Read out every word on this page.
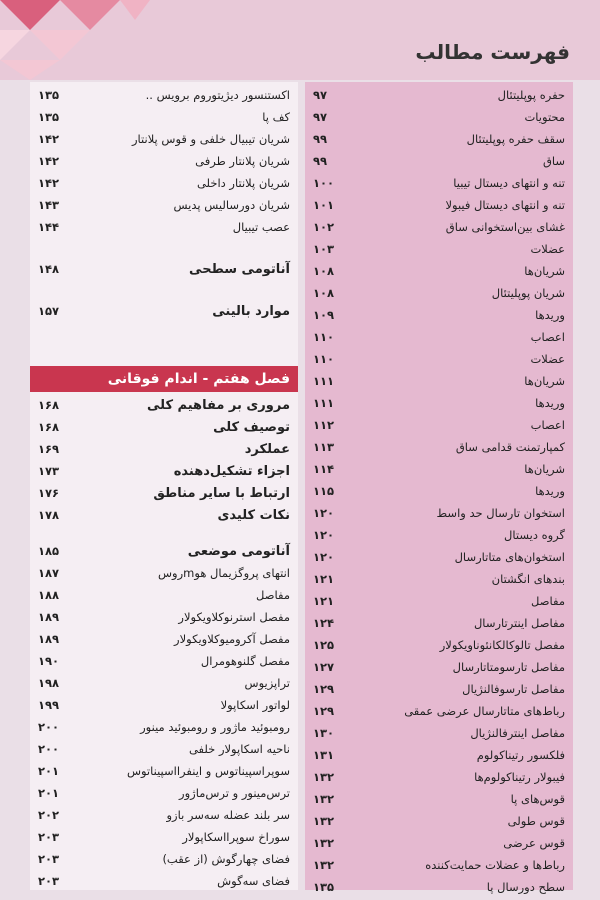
فهرست مطالب
حفره پوپلیتئال
۹۷
محتویات
۹۷
سقف حفره پوپلیتئال
۹۹
ساق
۹۹
تنه و انتهای دیستال تیبیا
۱۰۰
تنه و انتهای دیستال فیبولا
۱۰۱
غشای بین‌استخوانی ساق
۱۰۲
عضلات
۱۰۳
شریان‌ها
۱۰۸
شریان پوپلیتئال
۱۰۸
وریدها
۱۰۹
اعصاب
۱۱۰
عضلات
۱۱۰
شریان‌ها
۱۱۱
وریدها
۱۱۱
اعصاب
۱۱۲
کمپارتمنت قدامی ساق
۱۱۳
شریان‌ها
۱۱۴
وریدها
۱۱۵
استخوان تارسال حد واسط
۱۲۰
گروه دیستال
۱۲۰
استخوان‌های متاتارسال
۱۲۰
بندهای انگشتان
۱۲۱
مفاصل
۱۲۱
مفاصل اینترتارسال
۱۲۴
مفصل تالوکالکانئوناویکولار
۱۲۵
مفاصل تارسومتاتارسال
۱۲۷
مفاصل تارسوفالنژیال
۱۲۹
رباط‌های متاتارسال عرضی عمقی
۱۲۹
مفاصل اینترفالنژیال
۱۳۰
فلکسور رتیناکولوم
۱۳۱
فیبولار رتیناکولوم‌ها
۱۳۲
قوس‌های پا
۱۳۲
قوس طولی
۱۳۲
قوس عرضی
۱۳۲
رباط‌ها و عضلات حمایت‌کننده
۱۳۲
سطح دورسال پا
۱۳۵
اکستنسور دیژیتوروم برویس ..
۱۳۵
کف پا
۱۳۵
شریان تیبیال خلفی و قوس پلانتار
۱۴۲
شریان پلانتار طرفی
۱۴۲
شریان پلانتار داخلی
۱۴۲
شریان دورسالیس پدیس
۱۴۳
عصب تیبیال
۱۴۴
آناتومی سطحی
۱۴۸
موارد بالینی
۱۵۷
فصل هفتم - اندام فوقانی
مروری بر مفاهیم کلی
۱۶۸
توصیف کلی
۱۶۸
عملکرد
۱۶۹
اجزاء تشکیل‌دهنده
۱۷۳
ارتباط با سایر مناطق
۱۷۶
نکات کلیدی
۱۷۸
آناتومی موضعی
۱۸۵
انتهای پروگزیمال هوmروس
۱۸۷
مفاصل
۱۸۸
مفصل استرنوکلاویکولار
۱۸۹
مفصل آکرومیوکلاویکولار
۱۸۹
مفصل گلنوهومرال
۱۹۰
تراپزیوس
۱۹۸
لواتور اسکاپولا
۱۹۹
رومبوئید ماژور و رومبوئید مینور
۲۰۰
ناحیه اسکاپولار خلفی
۲۰۰
سوپراسپیناتوس و اینفرااسپیناتوس
۲۰۱
ترس‌مینور و ترس‌ماژور
۲۰۱
سر بلند عضله سه‌سر بازو
۲۰۲
سوراخ سوپرااسکاپولار
۲۰۳
فضای چهارگوش (از عقب)
۲۰۳
فضای سه‌گوش
۲۰۳
